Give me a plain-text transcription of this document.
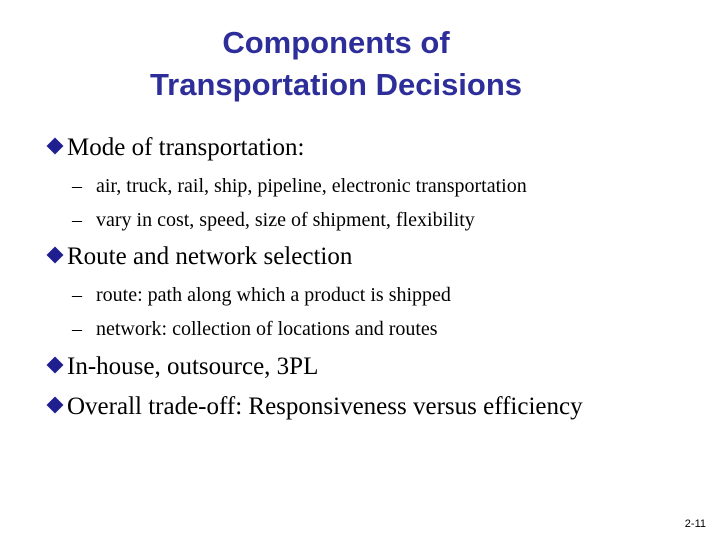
Components of
Transportation Decisions
Mode of transportation:
– air, truck, rail, ship, pipeline, electronic transportation
– vary in cost, speed, size of shipment, flexibility
Route and network selection
– route: path along which a product is shipped
– network: collection of locations and routes
In-house, outsource, 3PL
Overall trade-off: Responsiveness versus efficiency
2-11
